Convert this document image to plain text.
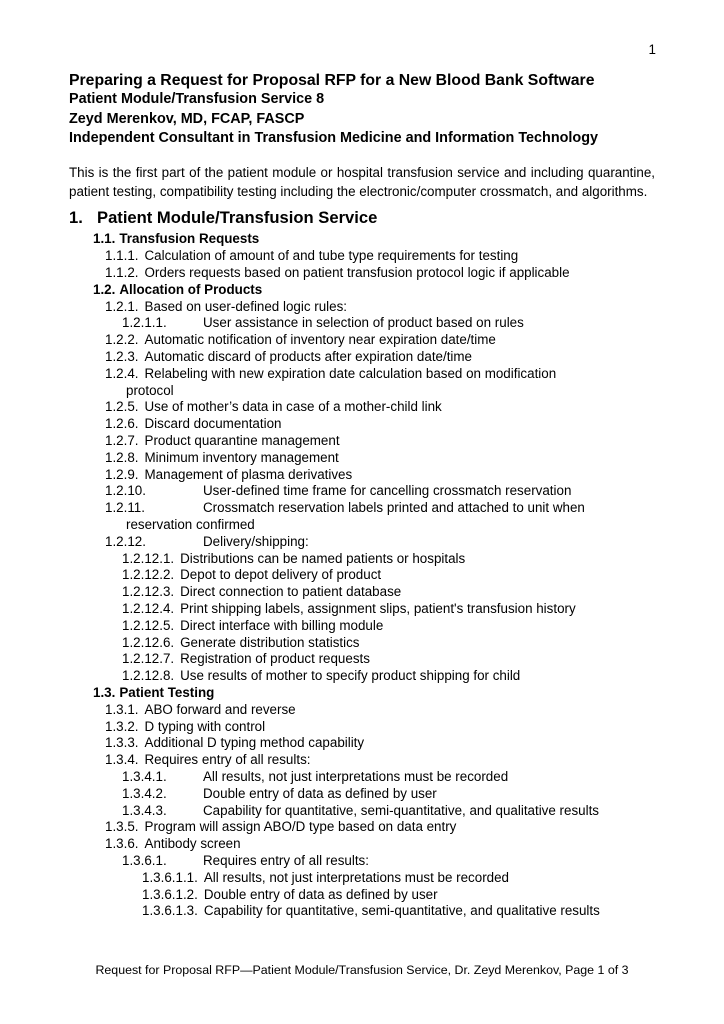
1
Preparing a Request for Proposal RFP for a New Blood Bank Software
Patient Module/Transfusion Service 8
Zeyd Merenkov, MD, FCAP, FASCP
Independent Consultant in Transfusion Medicine and Information Technology

This is the first part of the patient module or hospital transfusion service and including quarantine, patient testing, compatibility testing including the electronic/computer crossmatch, and algorithms.

1. Patient Module/Transfusion Service
1.1. Transfusion Requests
1.1.1. Calculation of amount of and tube type requirements for testing
1.1.2. Orders requests based on patient transfusion protocol logic if applicable
1.2. Allocation of Products
1.2.1. Based on user-defined logic rules:
1.2.1.1.	User assistance in selection of product based on rules
1.2.2. Automatic notification of inventory near expiration date/time
1.2.3. Automatic discard of products after expiration date/time
1.2.4. Relabeling with new expiration date calculation based on modification
protocol
1.2.5. Use of mother’s data in case of a mother-child link
1.2.6. Discard documentation
1.2.7. Product quarantine management
1.2.8. Minimum inventory management
1.2.9. Management of plasma derivatives
1.2.10.	User-defined time frame for cancelling crossmatch reservation
1.2.11.	Crossmatch reservation labels printed and attached to unit when
reservation confirmed
1.2.12.	Delivery/shipping:
1.2.12.1. Distributions can be named patients or hospitals
1.2.12.2. Depot to depot delivery of product
1.2.12.3. Direct connection to patient database
1.2.12.4. Print shipping labels, assignment slips, patient's transfusion history
1.2.12.5. Direct interface with billing module
1.2.12.6. Generate distribution statistics
1.2.12.7. Registration of product requests
1.2.12.8. Use results of mother to specify product shipping for child
1.3. Patient Testing
1.3.1. ABO forward and reverse
1.3.2. D typing with control
1.3.3. Additional D typing method capability
1.3.4. Requires entry of all results:
1.3.4.1.	All results, not just interpretations must be recorded
1.3.4.2.	Double entry of data as defined by user
1.3.4.3.	Capability for quantitative, semi-quantitative, and qualitative results
1.3.5. Program will assign ABO/D type based on data entry
1.3.6. Antibody screen
1.3.6.1.	Requires entry of all results:
1.3.6.1.1. All results, not just interpretations must be recorded
1.3.6.1.2. Double entry of data as defined by user
1.3.6.1.3. Capability for quantitative, semi-quantitative, and qualitative results
Request for Proposal RFP—Patient Module/Transfusion Service, Dr. Zeyd Merenkov, Page 1 of 3
